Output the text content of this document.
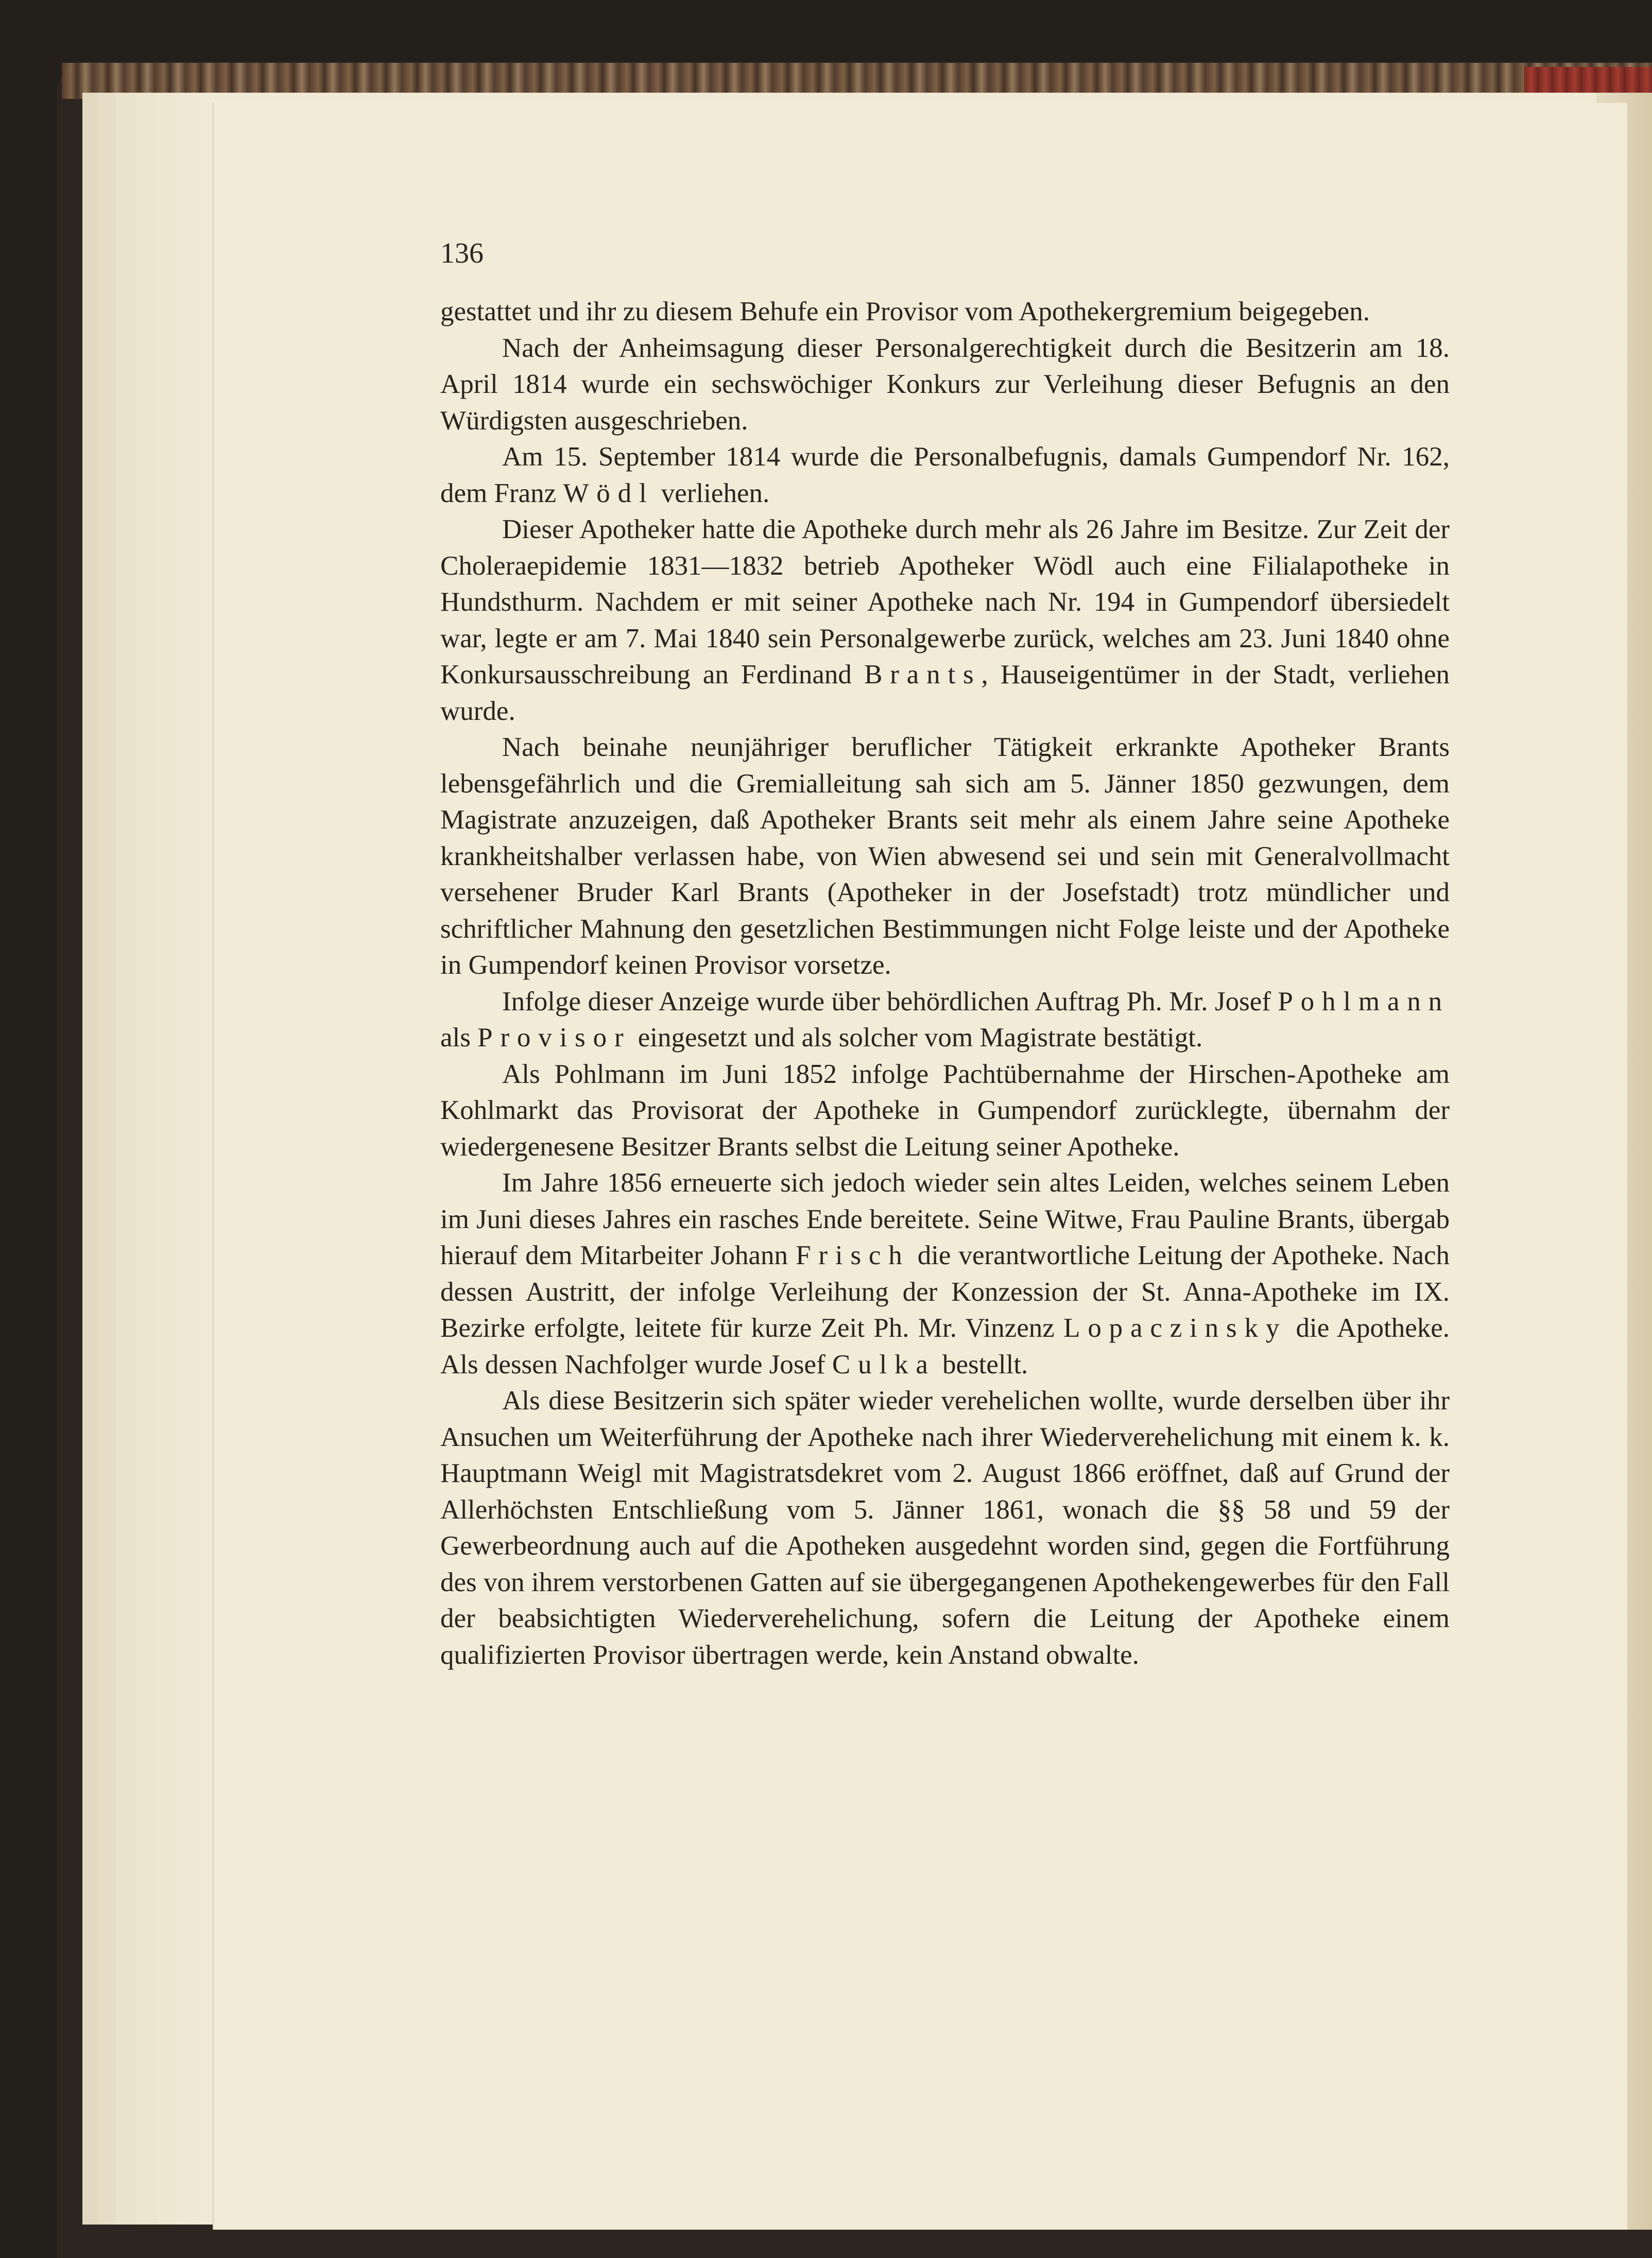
136

gestattet und ihr zu diesem Behufe ein Provisor vom Apothekergremium beigegeben.

Nach der Anheimsagung dieser Personalgerechtigkeit durch die Besitzerin am 18. April 1814 wurde ein sechswöchiger Konkurs zur Verleihung dieser Befugnis an den Würdigsten ausgeschrieben.

Am 15. September 1814 wurde die Personalbefugnis, damals Gumpendorf Nr. 162, dem Franz Wödl verliehen.

Dieser Apotheker hatte die Apotheke durch mehr als 26 Jahre im Besitze. Zur Zeit der Choleraepidemie 1831—1832 betrieb Apotheker Wödl auch eine Filialapotheke in Hundsthurm. Nachdem er mit seiner Apotheke nach Nr. 194 in Gumpendorf übersiedelt war, legte er am 7. Mai 1840 sein Personalgewerbe zurück, welches am 23. Juni 1840 ohne Konkursausschreibung an Ferdinand Brants, Hauseigentümer in der Stadt, verliehen wurde.

Nach beinahe neunjähriger beruflicher Tätigkeit erkrankte Apotheker Brants lebensgefährlich und die Gremialleitung sah sich am 5. Jänner 1850 gezwungen, dem Magistrate anzuzeigen, daß Apotheker Brants seit mehr als einem Jahre seine Apotheke krankheitshalber verlassen habe, von Wien abwesend sei und sein mit Generalvollmacht versehener Bruder Karl Brants (Apotheker in der Josefstadt) trotz mündlicher und schriftlicher Mahnung den gesetzlichen Bestimmungen nicht Folge leiste und der Apotheke in Gumpendorf keinen Provisor vorsetze.

Infolge dieser Anzeige wurde über behördlichen Auftrag Ph. Mr. Josef Pohlmann als Provisor eingesetzt und als solcher vom Magistrate bestätigt.

Als Pohlmann im Juni 1852 infolge Pachtübernahme der Hirschen-Apotheke am Kohlmarkt das Provisorat der Apotheke in Gumpendorf zurücklegte, übernahm der wiedergenesene Besitzer Brants selbst die Leitung seiner Apotheke.

Im Jahre 1856 erneuerte sich jedoch wieder sein altes Leiden, welches seinem Leben im Juni dieses Jahres ein rasches Ende bereitete. Seine Witwe, Frau Pauline Brants, übergab hierauf dem Mitarbeiter Johann Frisch die verantwortliche Leitung der Apotheke. Nach dessen Austritt, der infolge Verleihung der Konzession der St. Anna-Apotheke im IX. Bezirke erfolgte, leitete für kurze Zeit Ph. Mr. Vinzenz Lopaczinsky die Apotheke. Als dessen Nachfolger wurde Josef Culka bestellt.

Als diese Besitzerin sich später wieder verehelichen wollte, wurde derselben über ihr Ansuchen um Weiterführung der Apotheke nach ihrer Wiederverehelichung mit einem k. k. Hauptmann Weigl mit Magistratsdekret vom 2. August 1866 eröffnet, daß auf Grund der Allerhöchsten Entschließung vom 5. Jänner 1861, wonach die §§ 58 und 59 der Gewerbeordnung auch auf die Apotheken ausgedehnt worden sind, gegen die Fortführung des von ihrem verstorbenen Gatten auf sie übergegangenen Apothekengewerbes für den Fall der beabsichtigten Wiederverehelichung, sofern die Leitung der Apotheke einem qualifizierten Provisor übertragen werde, kein Anstand obwalte.
